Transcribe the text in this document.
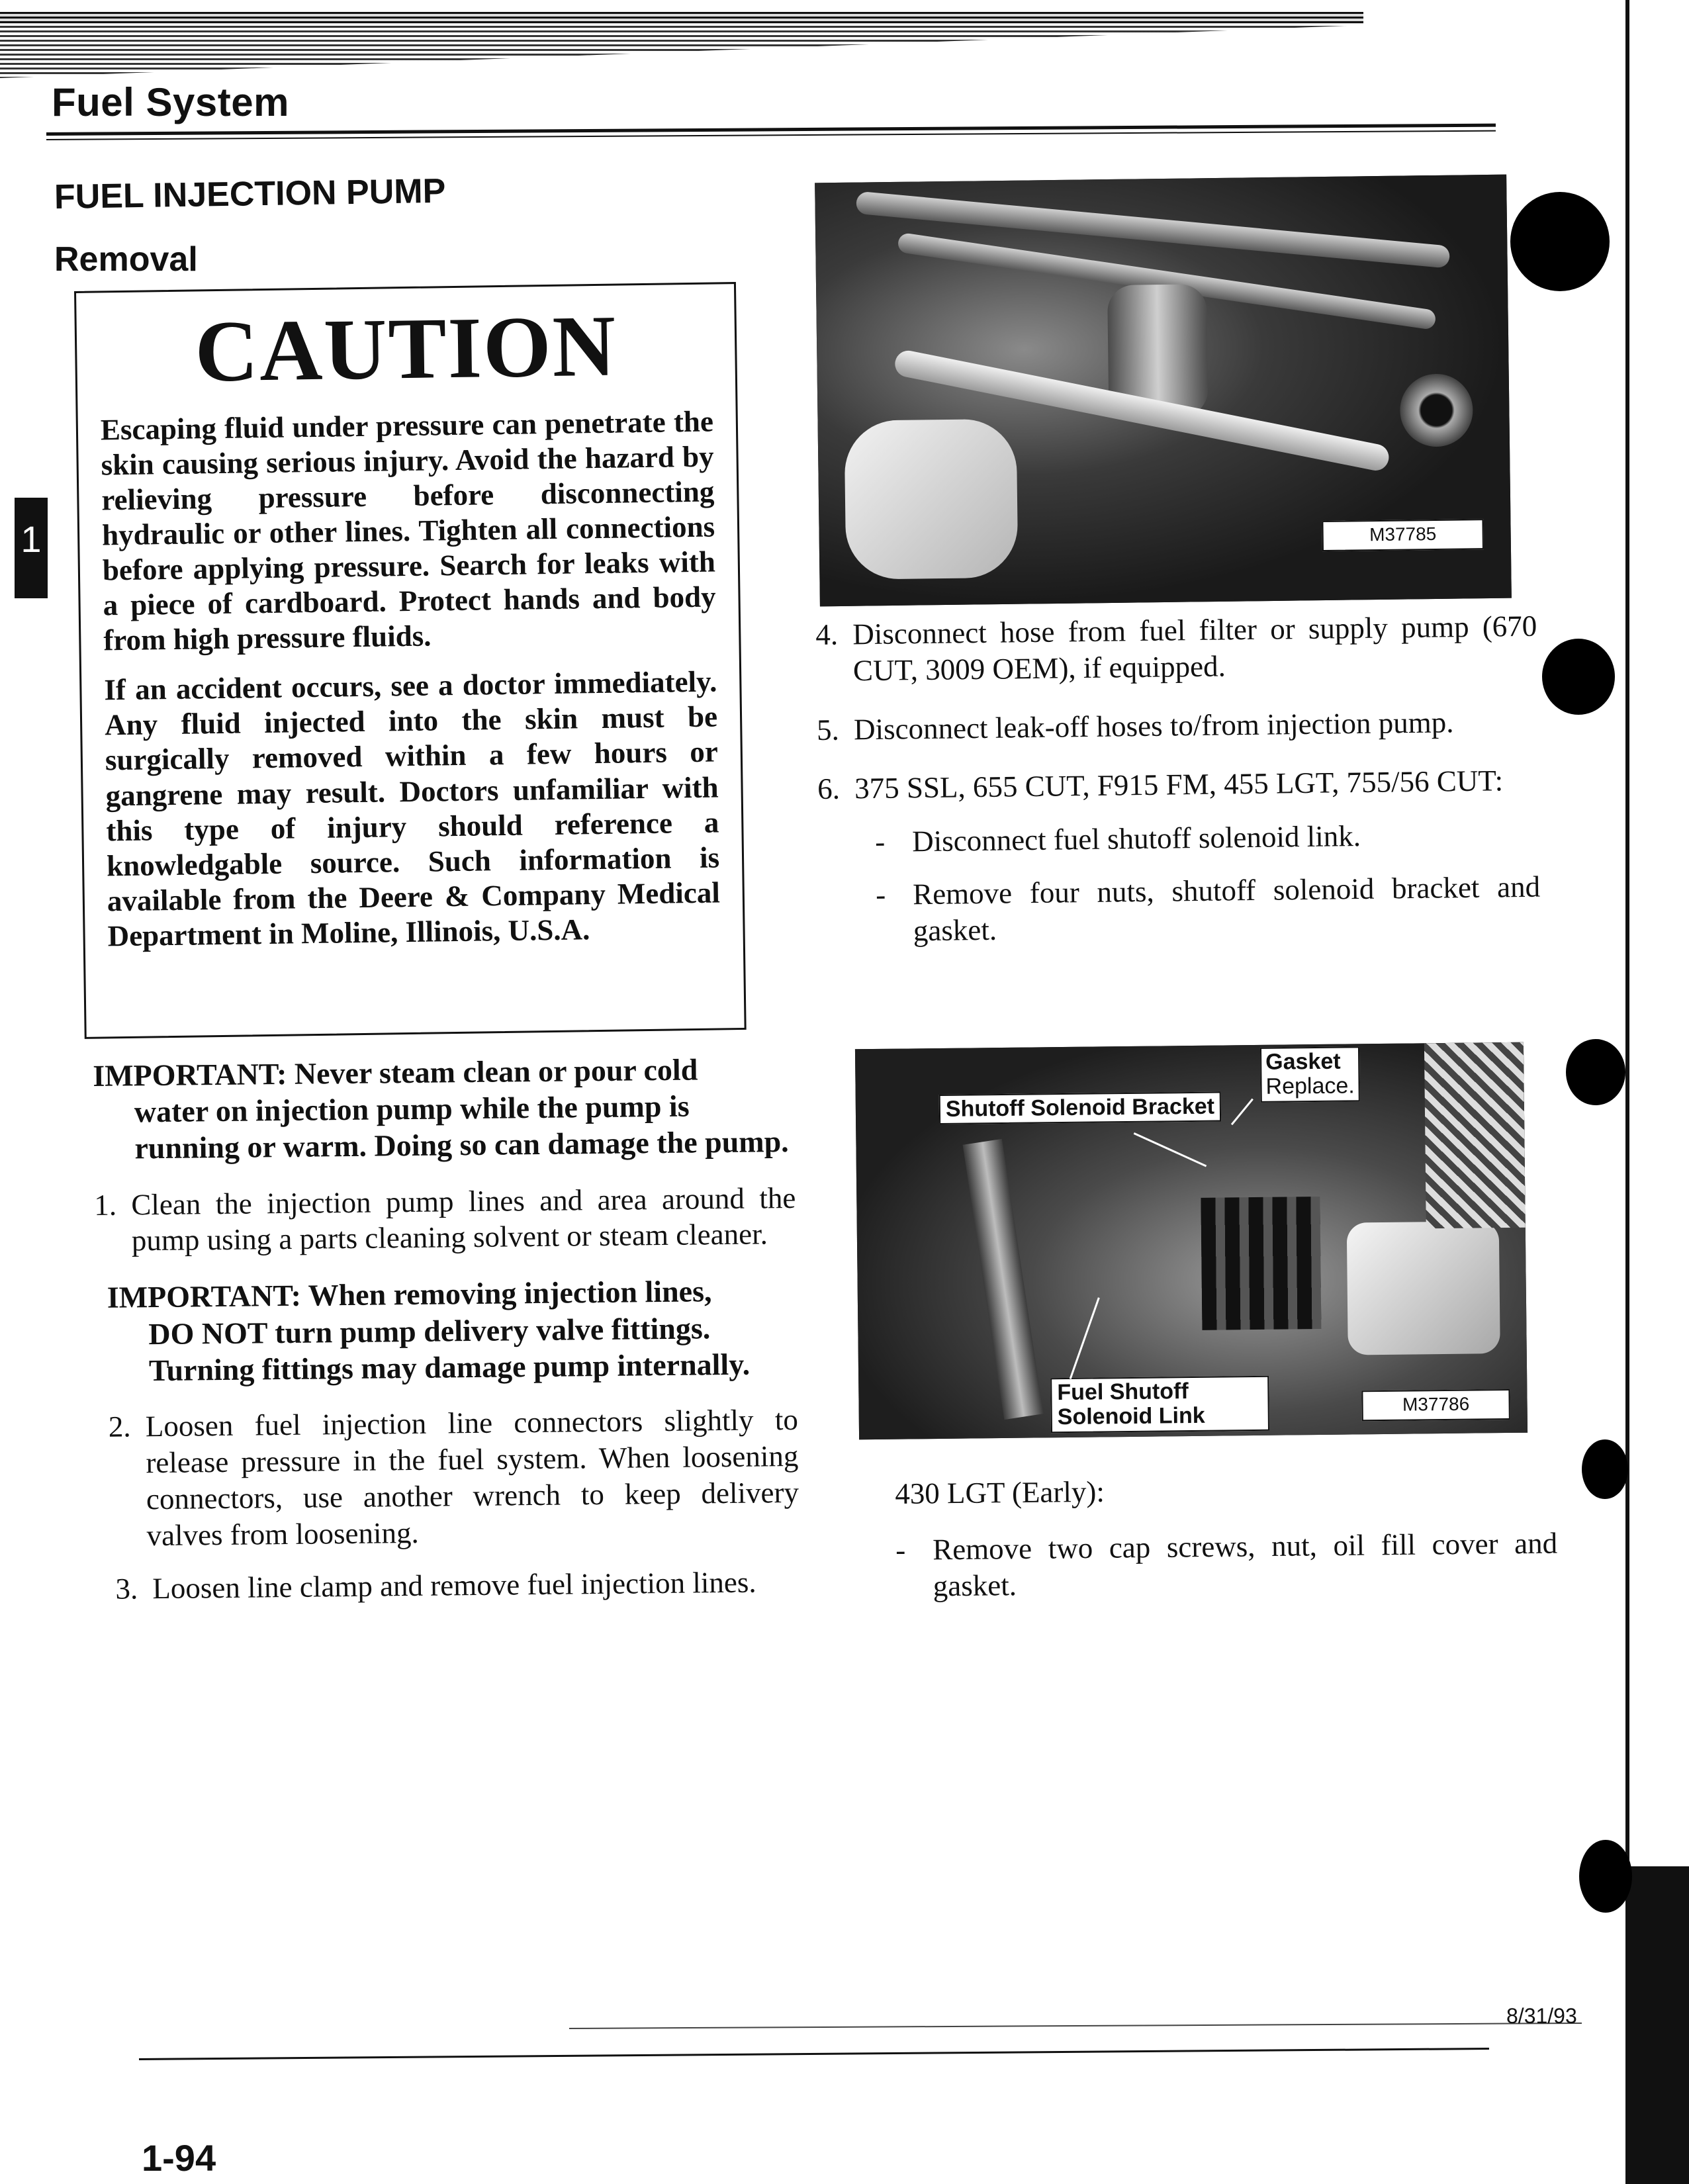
Fuel System
FUEL INJECTION PUMP
Removal
1
CAUTION

Escaping fluid under pressure can penetrate the skin causing serious injury. Avoid the hazard by relieving pressure before disconnecting hydraulic or other lines. Tighten all connections before applying pressure. Search for leaks with a piece of cardboard. Protect hands and body from high pressure fluids.

If an accident occurs, see a doctor immediately. Any fluid injected into the skin must be surgically removed within a few hours or gangrene may result. Doctors unfamiliar with this type of injury should reference a knowledgable source. Such information is available from the Deere & Company Medical Department in Moline, Illinois, U.S.A.

IMPORTANT: Never steam clean or pour cold
water on injection pump while the pump is running or warm. Doing so can damage the pump.
1. Clean the injection pump lines and area around the pump using a parts cleaning solvent or steam cleaner.
IMPORTANT: When removing injection lines,
DO NOT turn pump delivery valve fittings. Turning fittings may damage pump internally.
2. Loosen fuel injection line connectors slightly to release pressure in the fuel system. When loosening connectors, use another wrench to keep delivery valves from loosening.
3. Loosen line clamp and remove fuel injection lines.
M37785
4. Disconnect hose from fuel filter or supply pump (670 CUT, 3009 OEM), if equipped.
5. Disconnect leak-off hoses to/from injection pump.
6. 375 SSL, 655 CUT, F915 FM, 455 LGT, 755/56 CUT:
- Disconnect fuel shutoff solenoid link.
- Remove four nuts, shutoff solenoid bracket and gasket.
Shutoff Solenoid Bracket
Gasket
Replace.
Fuel Shutoff Solenoid Link	M37786
430 LGT (Early):
- Remove two cap screws, nut, oil fill cover and gasket.
8/31/93
1-94
